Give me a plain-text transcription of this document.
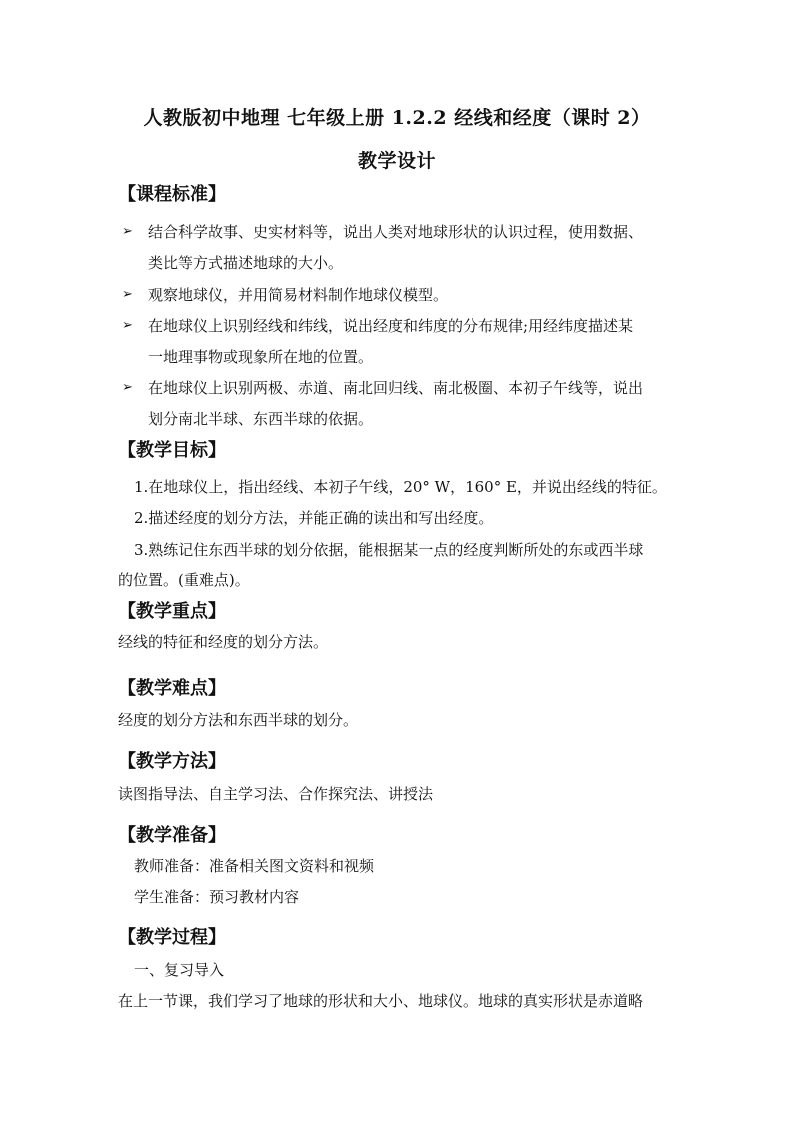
人教版初中地理 七年级上册 1.2.2 经线和经度（课时 2）
教学设计
【课程标准】
➢ 结合科学故事、史实材料等，说出人类对地球形状的认识过程，使用数据、
类比等方式描述地球的大小。
➢ 观察地球仪，并用简易材料制作地球仪模型。
➢ 在地球仪上识别经线和纬线，说出经度和纬度的分布规律;用经纬度描述某
一地理事物或现象所在地的位置。
➢ 在地球仪上识别两极、赤道、南北回归线、南北极圈、本初子午线等，说出
划分南北半球、东西半球的依据。
【教学目标】
1.在地球仪上，指出经线、本初子午线，20° W，160° E，并说出经线的特征。
2.描述经度的划分方法，并能正确的读出和写出经度。
3.熟练记住东西半球的划分依据，能根据某一点的经度判断所处的东或西半球
的位置。(重难点)。
【教学重点】
经线的特征和经度的划分方法。
【教学难点】
经度的划分方法和东西半球的划分。
【教学方法】
读图指导法、自主学习法、合作探究法、讲授法
【教学准备】
教师准备：准备相关图文资料和视频
学生准备：预习教材内容
【教学过程】
一、复习导入
在上一节课，我们学习了地球的形状和大小、地球仪。地球的真实形状是赤道略
